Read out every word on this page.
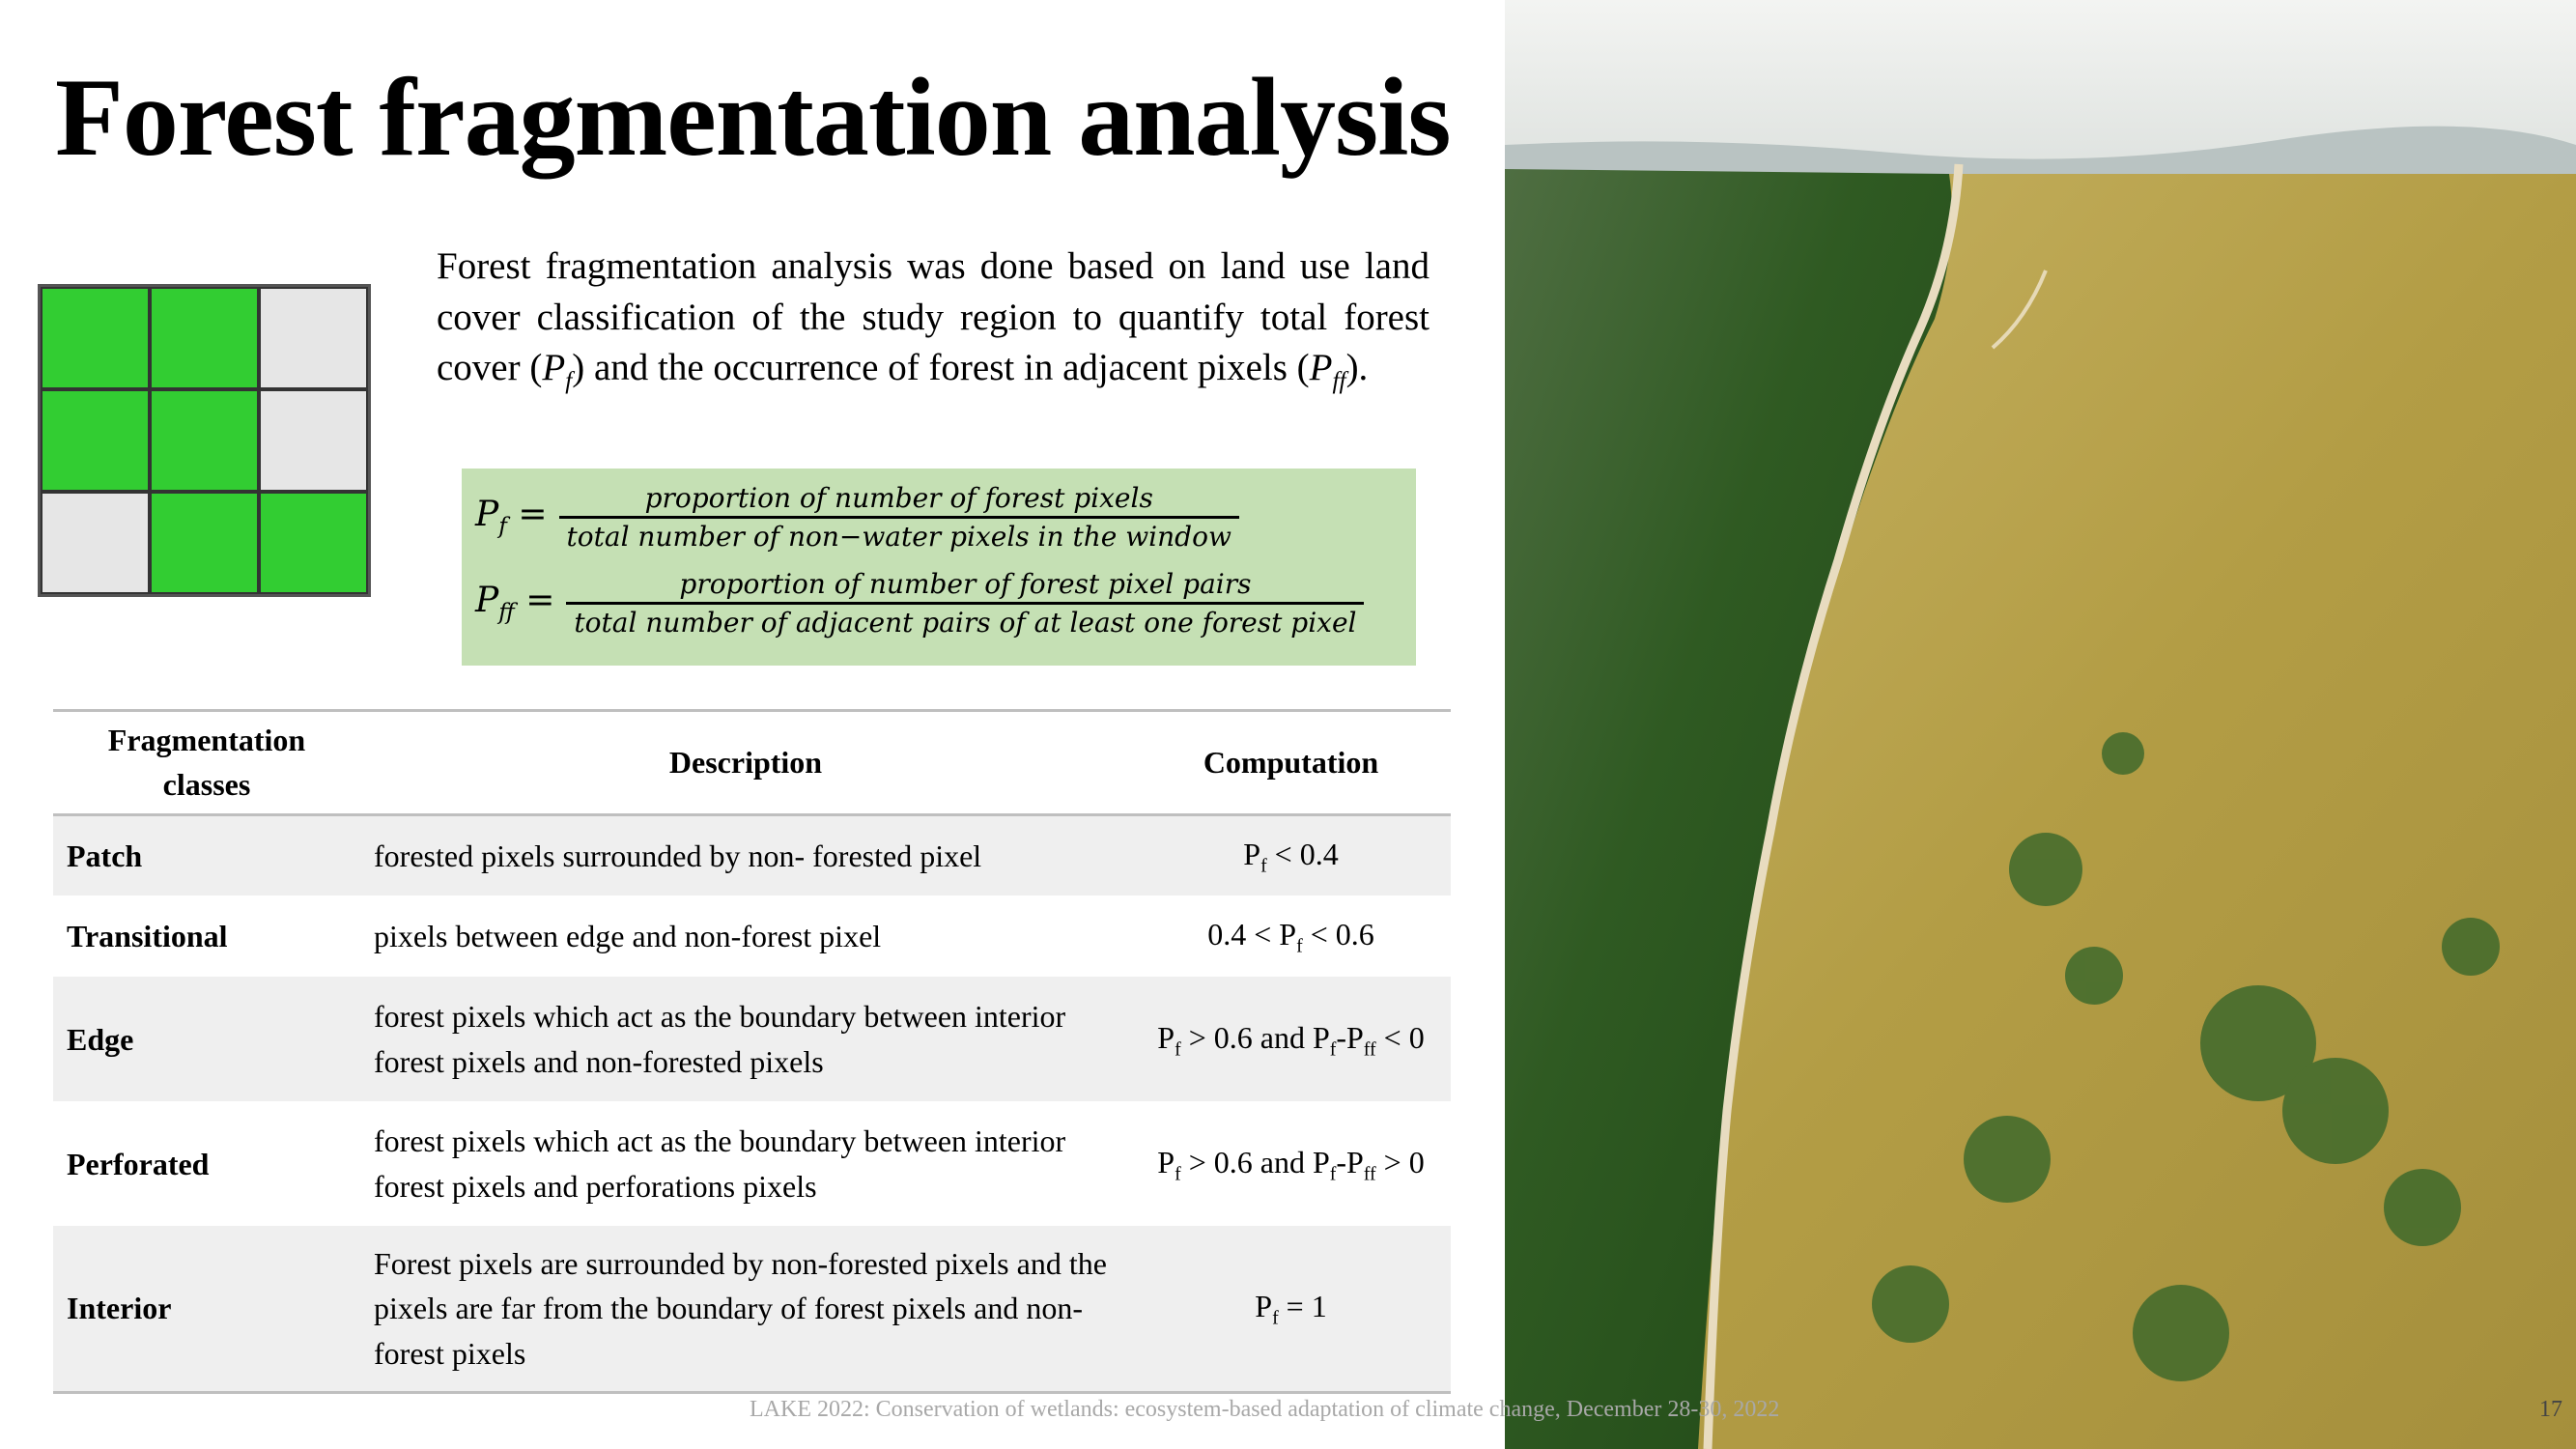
Forest fragmentation analysis
Forest fragmentation analysis was done based on land use land cover classification of the study region to quantify total forest cover $(P_f)$ and the occurrence of forest in adjacent pixels $(P_{ff})$.
$P_f = \frac{\text{proportion of number of forest pixels}}{\text{total number of non−water pixels in the window}}$
$P_{ff} = \frac{\text{proportion of number of forest pixel pairs}}{\text{total number of adjacent pairs of at least one forest pixel}}$
Fragmentation classes	Description	Computation
Patch	forested pixels surrounded by non- forested pixel	$P_f < 0.4$
Transitional	pixels between edge and non-forest pixel	$0.4 < P_f < 0.6$
Edge	forest pixels which act as the boundary between interior forest pixels and non-forested pixels	$P_f > 0.6$ and $P_f-P_{ff} < 0$
Perforated	forest pixels which act as the boundary between interior forest pixels and perforations pixels	$P_f > 0.6$ and $P_f-P_{ff} > 0$
Interior	Forest pixels are surrounded by non-forested pixels and the pixels are far from the boundary of forest pixels and non-forest pixels	$P_f = 1$
LAKE 2022: Conservation of wetlands: ecosystem-based adaptation of climate change, December 28-30, 2022	17
